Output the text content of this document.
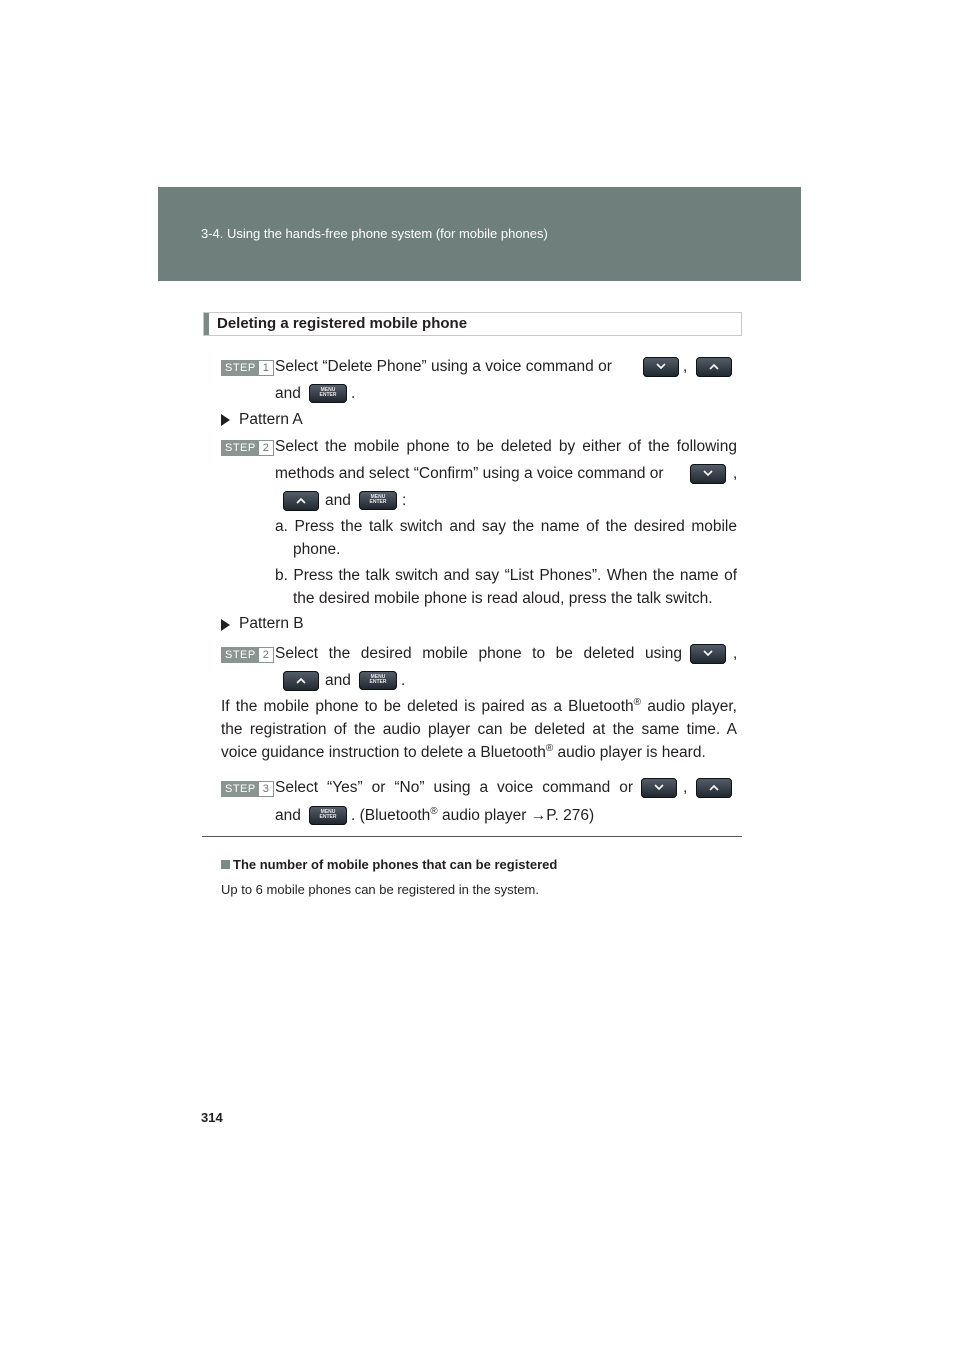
3-4. Using the hands-free phone system (for mobile phones)
Deleting a registered mobile phone
STEP 1 Select “Delete Phone” using a voice command or	,
and	MENU
ENTER .
Pattern A
STEP 2 Select the mobile phone to be deleted by either of the following
methods and select “Confirm” using a voice command or	,
and	MENU
ENTER	:
a. Press the talk switch and say the name of the desired mobile
phone.
b. Press the talk switch and say “List Phones”. When the name of
the desired mobile phone is read aloud, press the talk switch.
Pattern B
STEP 2 Select the desired mobile phone to be deleted using	,
and	MENU
ENTER .
If the mobile phone to be deleted is paired as a Bluetooth® audio player,
the registration of the audio player can be deleted at the same time. A
voice guidance instruction to delete a Bluetooth® audio player is heard.
STEP 3 Select “Yes” or “No” using a voice command or	,
and	MENU
ENTER . (Bluetooth® audio player →P. 276)
The number of mobile phones that can be registered
Up to 6 mobile phones can be registered in the system.
314
